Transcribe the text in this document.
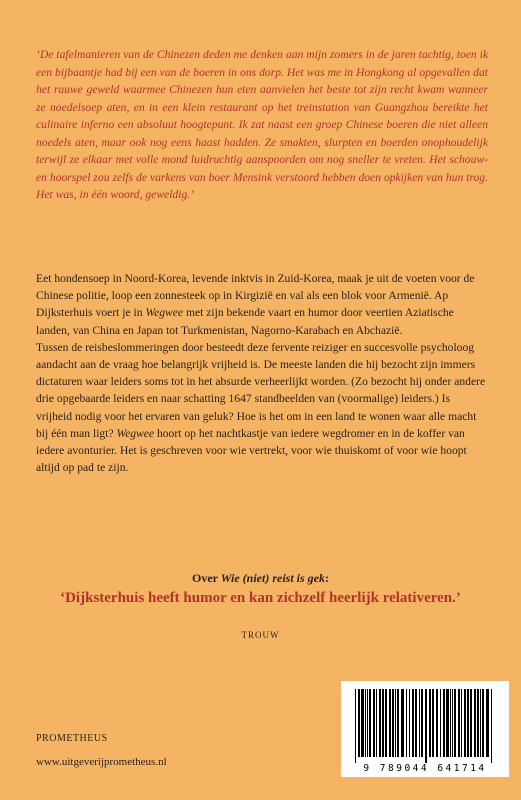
‘De tafelmanieren van de Chinezen deden me denken aan mijn zomers in de jaren tachtig, toen ik een bijbaantje had bij een van de boeren in ons dorp. Het was me in Hongkong al opgevallen dat het rauwe geweld waarmee Chinezen hun eten aanvielen het beste tot zijn recht kwam wanneer ze noedelsoep aten, en in een klein restaurant op het treinstation van Guangzhou bereikte het culinaire inferno een absoluut hoogtepunt. Ik zat naast een groep Chinese boeren die niet alleen noedels aten, maar ook nog eens haast hadden. Ze smakten, slurpten en boerden onophoudelijk terwijl ze elkaar met volle mond luidruchtig aanspoorden om nog sneller te vreten. Het schouw- en hoorspel zou zelfs de varkens van boer Mensink verstoord hebben doen opkijken van hun trog. Het was, in één woord, geweldig.’

Eet hondensoep in Noord-Korea, levende inktvis in Zuid-Korea, maak je uit de voeten voor de Chinese politie, loop een zonnesteek op in Kirgizië en val als een blok voor Armenië. Ap Dijksterhuis voert je in Wegwee met zijn bekende vaart en humor door veertien Aziatische landen, van China en Japan tot Turkmenistan, Nagorno-Karabach en Abchazië.

Tussen de reisbeslommeringen door besteedt deze fervente reiziger en succesvolle psycholoog aandacht aan de vraag hoe belangrijk vrijheid is. De meeste landen die hij bezocht zijn immers dictaturen waar leiders soms tot in het absurde verheerlijkt worden. (Zo bezocht hij onder andere drie opgebaarde leiders en naar schatting 1647 standbeelden van (voormalige) leiders.) Is vrijheid nodig voor het ervaren van geluk? Hoe is het om in een land te wonen waar alle macht bij één man ligt? Wegwee hoort op het nachtkastje van iedere wegdromer en in de koffer van iedere avonturier. Het is geschreven voor wie vertrekt, voor wie thuiskomt of voor wie hoopt altijd op pad te zijn.

Over Wie (niet) reist is gek:
‘Dijksterhuis heeft humor en kan zichzelf heerlijk relativeren.’
TROUW
PROMETHEUS
www.uitgeverijprometheus.nl
9 789044 641714
